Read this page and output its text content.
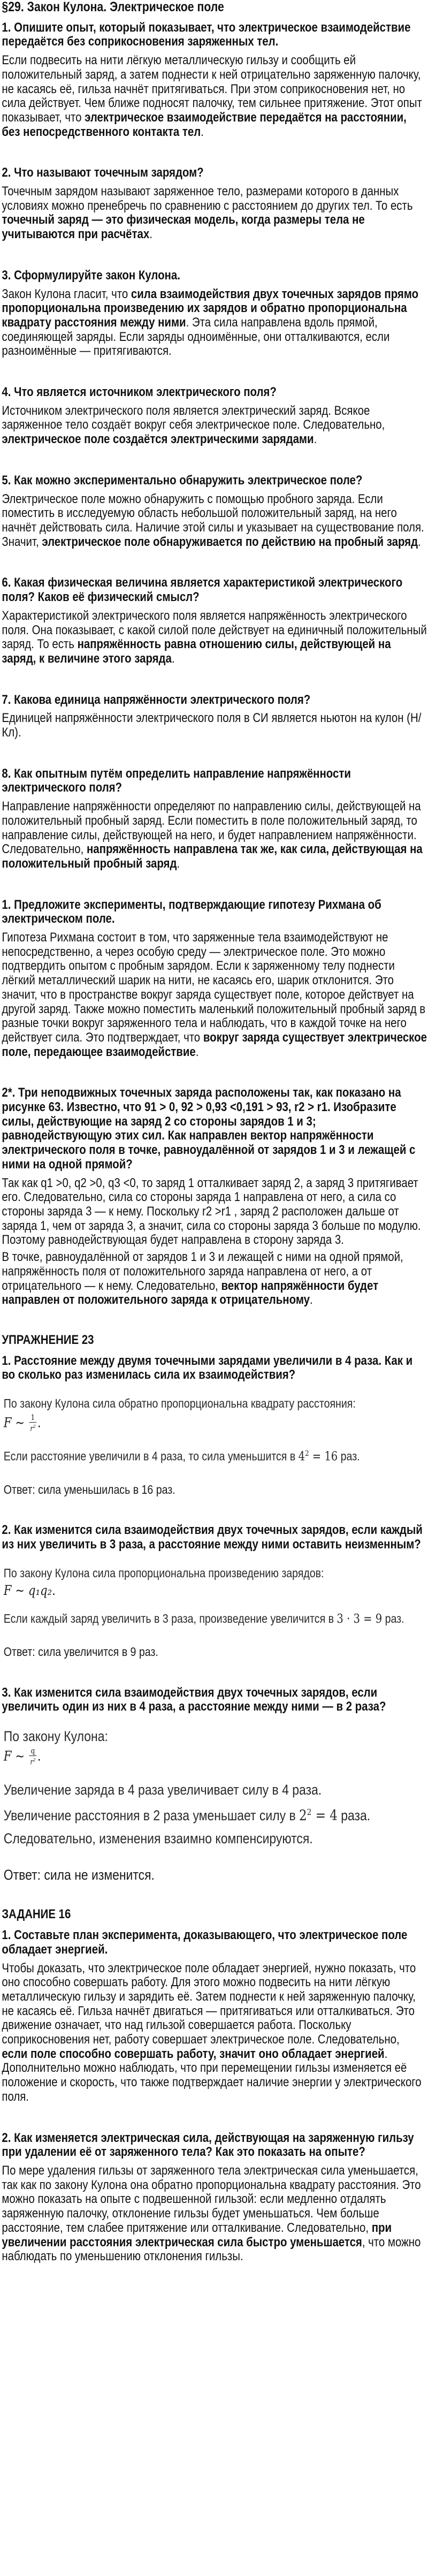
§29. Закон Кулона. Электрическое поле
1. Опишите опыт, который показывает, что электрическое взаимодействие передаётся без соприкосновения заряженных тел.
Если подвесить на нити лёгкую металлическую гильзу и сообщить ей положительный заряд, а затем поднести к ней отрицательно заряженную палочку, не касаясь её, гильза начнёт притягиваться. При этом соприкосновения нет, но сила действует. Чем ближе подносят палочку, тем сильнее притяжение. Этот опыт показывает, что электрическое взаимодействие передаётся на расстоянии, без непосредственного контакта тел.
2. Что называют точечным зарядом?
Точечным зарядом называют заряженное тело, размерами которого в данных условиях можно пренебречь по сравнению с расстоянием до других тел. То есть точечный заряд — это физическая модель, когда размеры тела не учитываются при расчётах.
3. Сформулируйте закон Кулона.
Закон Кулона гласит, что сила взаимодействия двух точечных зарядов прямо пропорциональна произведению их зарядов и обратно пропорциональна квадрату расстояния между ними. Эта сила направлена вдоль прямой, соединяющей заряды. Если заряды одноимённые, они отталкиваются, если разноимённые — притягиваются.
4. Что является источником электрического поля?
Источником электрического поля является электрический заряд. Всякое заряженное тело создаёт вокруг себя электрическое поле. Следовательно, электрическое поле создаётся электрическими зарядами.
5. Как можно экспериментально обнаружить электрическое поле?
Электрическое поле можно обнаружить с помощью пробного заряда. Если поместить в исследуемую область небольшой положительный заряд, на него начнёт действовать сила. Наличие этой силы и указывает на существование поля. Значит, электрическое поле обнаруживается по действию на пробный заряд.
6. Какая физическая величина является характеристикой электрического поля? Каков её физический смысл?
Характеристикой электрического поля является напряжённость электрического поля. Она показывает, с какой силой поле действует на единичный положительный заряд. То есть напряжённость равна отношению силы, действующей на заряд, к величине этого заряда.
7. Какова единица напряжённости электрического поля?
Единицей напряжённости электрического поля в СИ является ньютон на кулон (Н/Кл).
8. Как опытным путём определить направление напряжённости электрического поля?
Направление напряжённости определяют по направлению силы, действующей на положительный пробный заряд. Если поместить в поле положительный заряд, то направление силы, действующей на него, и будет направлением напряжённости. Следовательно, напряжённость направлена так же, как сила, действующая на положительный пробный заряд.
1. Предложите эксперименты, подтверждающие гипотезу Рихмана об электрическом поле.
Гипотеза Рихмана состоит в том, что заряженные тела взаимодействуют не непосредственно, а через особую среду — электрическое поле. Это можно подтвердить опытом с пробным зарядом. Если к заряженному телу поднести лёгкий металлический шарик на нити, не касаясь его, шарик отклонится. Это значит, что в пространстве вокруг заряда существует поле, которое действует на другой заряд. Также можно поместить маленький положительный пробный заряд в разные точки вокруг заряженного тела и наблюдать, что в каждой точке на него действует сила. Это подтверждает, что вокруг заряда существует электрическое поле, передающее взаимодействие.
2*. Три неподвижных точечных заряда расположены так, как показано на рисунке 63. Известно, что 91 > 0, 92 > 0,93 <0,191 > 93, r2 > r1. Изобразите силы, действующие на заряд 2 со стороны зарядов 1 и 3; равнодействующую этих сил. Как направлен вектор напряжённости электрического поля в точке, равноудалённой от зарядов 1 и 3 и лежащей с ними на одной прямой?
Так как q1 >0, q2 >0, q3 <0, то заряд 1 отталкивает заряд 2, а заряд 3 притягивает его. Следовательно, сила со стороны заряда 1 направлена от него, а сила со стороны заряда 3 — к нему. Поскольку r2 >r1 , заряд 2 расположен дальше от заряда 1, чем от заряда 3, а значит, сила со стороны заряда 3 больше по модулю. Поэтому равнодействующая будет направлена в сторону заряда 3.
В точке, равноудалённой от зарядов 1 и 3 и лежащей с ними на одной прямой, напряжённость поля от положительного заряда направлена от него, а от отрицательного — к нему. Следовательно, вектор напряжённости будет направлен от положительного заряда к отрицательному.
УПРАЖНЕНИЕ 23
1. Расстояние между двумя точечными зарядами увеличили в 4 раза. Как и во сколько раз изменилась сила их взаимодействия?
По закону Кулона сила обратно пропорциональна квадрату расстояния:
F ∼ $\frac{1}{r^2}$ .
Если расстояние увеличили в 4 раза, то сила уменьшится в $4^2 = 16$ раз.
Ответ: сила уменьшилась в 16 раз.
2. Как изменится сила взаимодействия двух точечных зарядов, если каждый из них увеличить в 3 раза, а расстояние между ними оставить неизменным?
По закону Кулона сила пропорциональна произведению зарядов:
F ∼ q₁q₂.
Если каждый заряд увеличить в 3 раза, произведение увеличится в 3 · 3 = 9 раз.
Ответ: сила увеличится в 9 раз.
3. Как изменится сила взаимодействия двух точечных зарядов, если увеличить один из них в 4 раза, а расстояние между ними — в 2 раза?
По закону Кулона:
F ∼ $\frac{q}{r^2}$ .
Увеличение заряда в 4 раза увеличивает силу в 4 раза.
Увеличение расстояния в 2 раза уменьшает силу в $2^2 = 4$ раза.
Следовательно, изменения взаимно компенсируются.
Ответ: сила не изменится.
ЗАДАНИЕ 16
1. Составьте план эксперимента, доказывающего, что электрическое поле обладает энергией.
Чтобы доказать, что электрическое поле обладает энергией, нужно показать, что оно способно совершать работу. Для этого можно подвесить на нити лёгкую металлическую гильзу и зарядить её. Затем поднести к ней заряженную палочку, не касаясь её. Гильза начнёт двигаться — притягиваться или отталкиваться. Это движение означает, что над гильзой совершается работа. Поскольку соприкосновения нет, работу совершает электрическое поле. Следовательно, если поле способно совершать работу, значит оно обладает энергией. Дополнительно можно наблюдать, что при перемещении гильзы изменяется её положение и скорость, что также подтверждает наличие энергии у электрического поля.
2. Как изменяется электрическая сила, действующая на заряженную гильзу при удалении её от заряженного тела? Как это показать на опыте?
По мере удаления гильзы от заряженного тела электрическая сила уменьшается, так как по закону Кулона она обратно пропорциональна квадрату расстояния. Это можно показать на опыте с подвешенной гильзой: если медленно отдалять заряженную палочку, отклонение гильзы будет уменьшаться. Чем больше расстояние, тем слабее притяжение или отталкивание. Следовательно, при увеличении расстояния электрическая сила быстро уменьшается, что можно наблюдать по уменьшению отклонения гильзы.
